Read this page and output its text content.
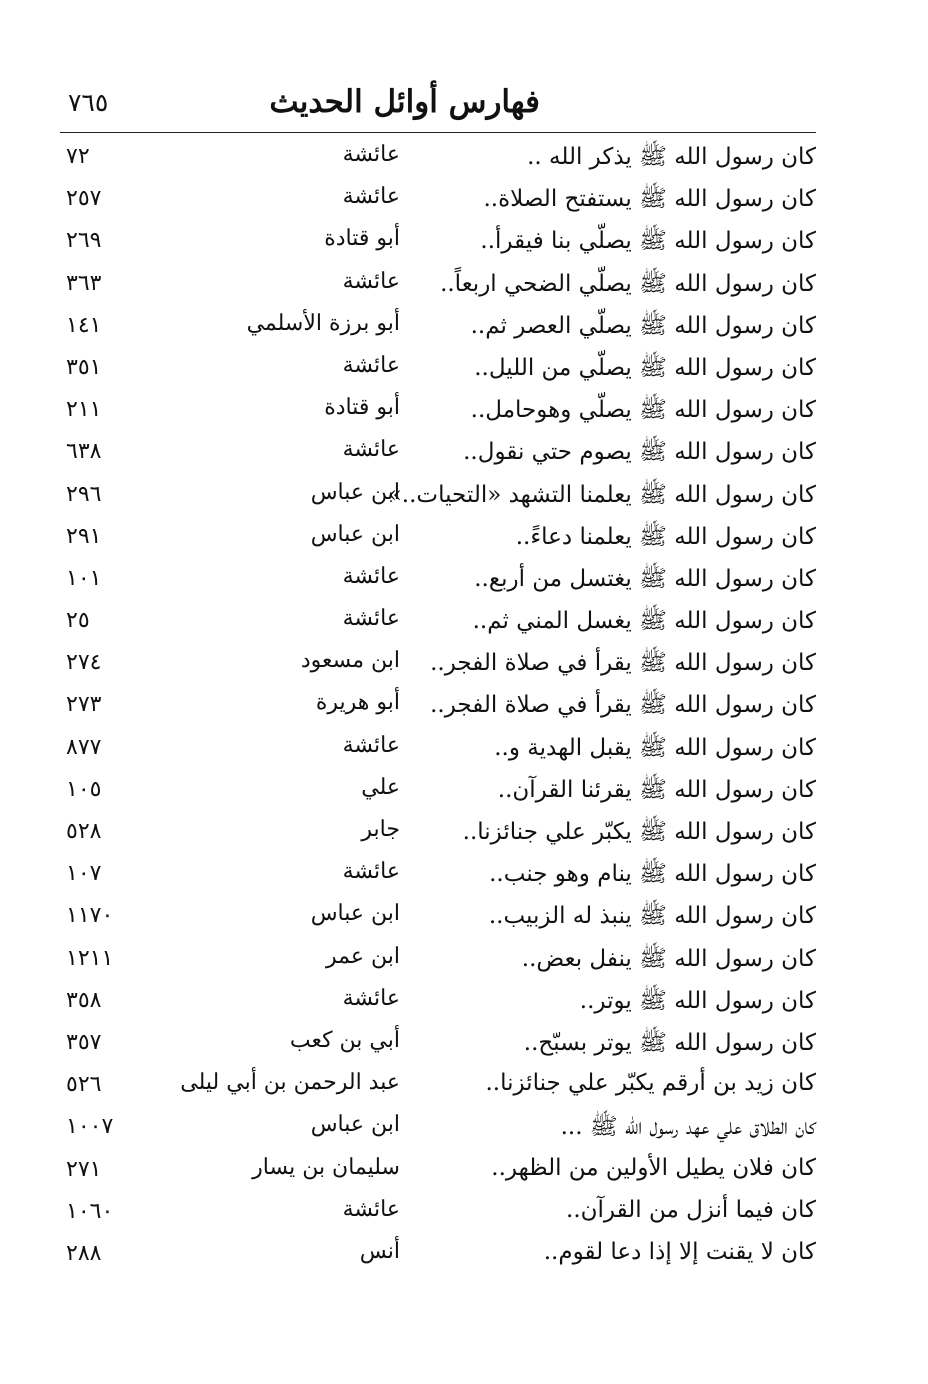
فهارس أوائل الحديث
٧٦٥
كان رسول الله ﷺ يذكر الله ..
عائشة
٧٢
كان رسول الله ﷺ يستفتح الصلاة..
عائشة
٢٥٧
كان رسول الله ﷺ يصلّي بنا فيقرأ..
أبو قتادة
٢٦٩
كان رسول الله ﷺ يصلّي الضحي اربعاً..
عائشة
٣٦٣
كان رسول الله ﷺ يصلّي العصر ثم..
أبو برزة الأسلمي
١٤١
كان رسول الله ﷺ يصلّي من الليل..
عائشة
٣٥١
كان رسول الله ﷺ يصلّي وهوحامل..
أبو قتادة
٢١١
كان رسول الله ﷺ يصوم حتي نقول..
عائشة
٦٣٨
كان رسول الله ﷺ يعلمنا التشهد «التحيات..»
ابن عباس
٢٩٦
كان رسول الله ﷺ يعلمنا دعاءً..
ابن عباس
٢٩١
كان رسول الله ﷺ يغتسل من أربع..
عائشة
١٠١
كان رسول الله ﷺ يغسل المني ثم..
عائشة
٢٥
كان رسول الله ﷺ يقرأ في صلاة الفجر..
ابن مسعود
٢٧٤
كان رسول الله ﷺ يقرأ في صلاة الفجر..
أبو هريرة
٢٧٣
كان رسول الله ﷺ يقبل الهدية و..
عائشة
٨٧٧
كان رسول الله ﷺ يقرئنا القرآن..
علي
١٠٥
كان رسول الله ﷺ يكبّر علي جنائزنا..
جابر
٥٢٨
كان رسول الله ﷺ ينام وهو جنب..
عائشة
١٠٧
كان رسول الله ﷺ ينبذ له الزبيب..
ابن عباس
١١٧٠
كان رسول الله ﷺ ينفل بعض..
ابن عمر
١٢١١
كان رسول الله ﷺ يوتر..
عائشة
٣٥٨
كان رسول الله ﷺ يوتر بسبّح..
أبي بن كعب
٣٥٧
كان زيد بن أرقم يكبّر علي جنائزنا..
عبد الرحمن بن أبي ليلى
٥٢٦
كان الطلاق علي عهد رسول الله ﷺ ...
ابن عباس
١٠٠٧
كان فلان يطيل الأولين من الظهر..
سليمان بن يسار
٢٧١
كان فيما أنزل من القرآن..
عائشة
١٠٦٠
كان لا يقنت إلا إذا دعا لقوم..
أنس
٢٨٨
